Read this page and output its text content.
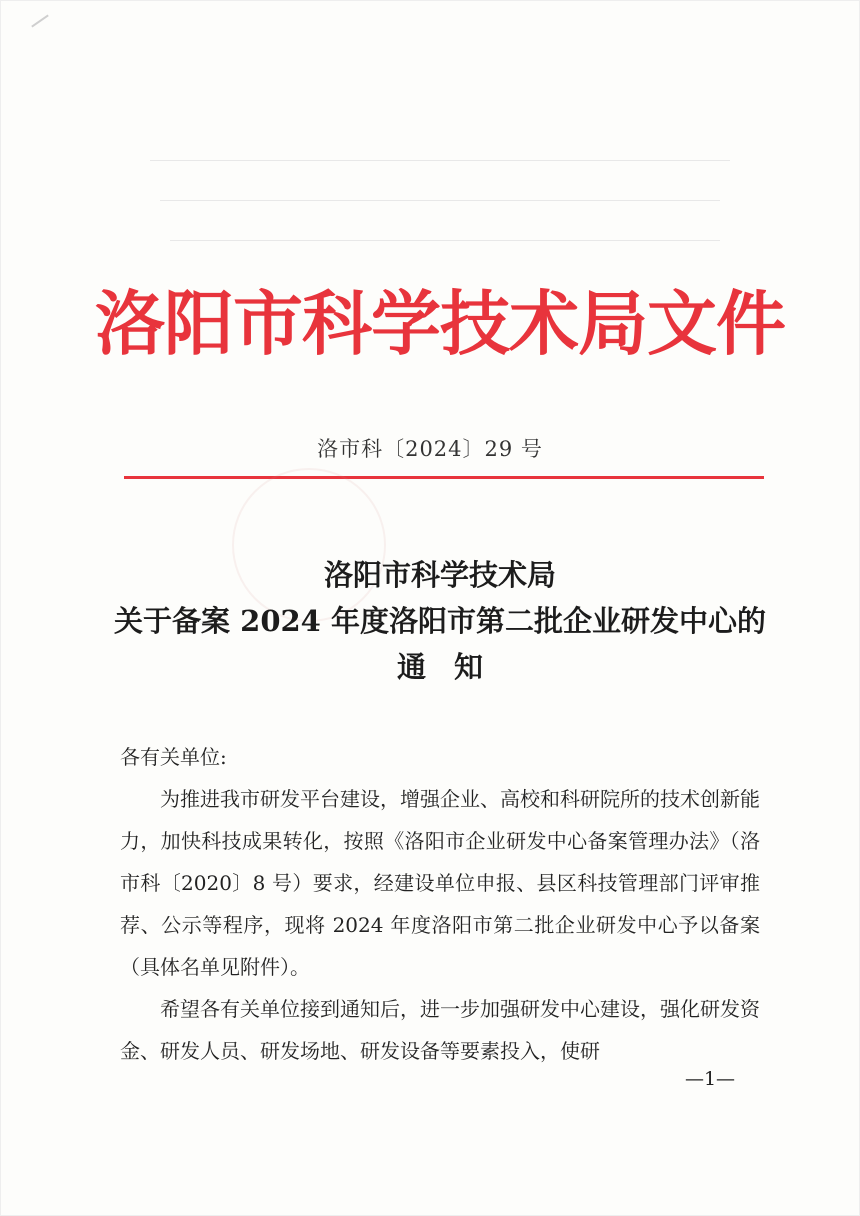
洛阳市科学技术局文件
洛市科〔2024〕29 号
洛阳市科学技术局
关于备案 2024 年度洛阳市第二批企业研发中心的
通知
各有关单位:

为推进我市研发平台建设，增强企业、高校和科研院所的技术创新能力，加快科技成果转化，按照《洛阳市企业研发中心备案管理办法》（洛市科〔2020〕8 号）要求，经建设单位申报、县区科技管理部门评审推荐、公示等程序，现将 2024 年度洛阳市第二批企业研发中心予以备案（具体名单见附件）。

希望各有关单位接到通知后，进一步加强研发中心建设，强化研发资金、研发人员、研发场地、研发设备等要素投入，使研

—1—
